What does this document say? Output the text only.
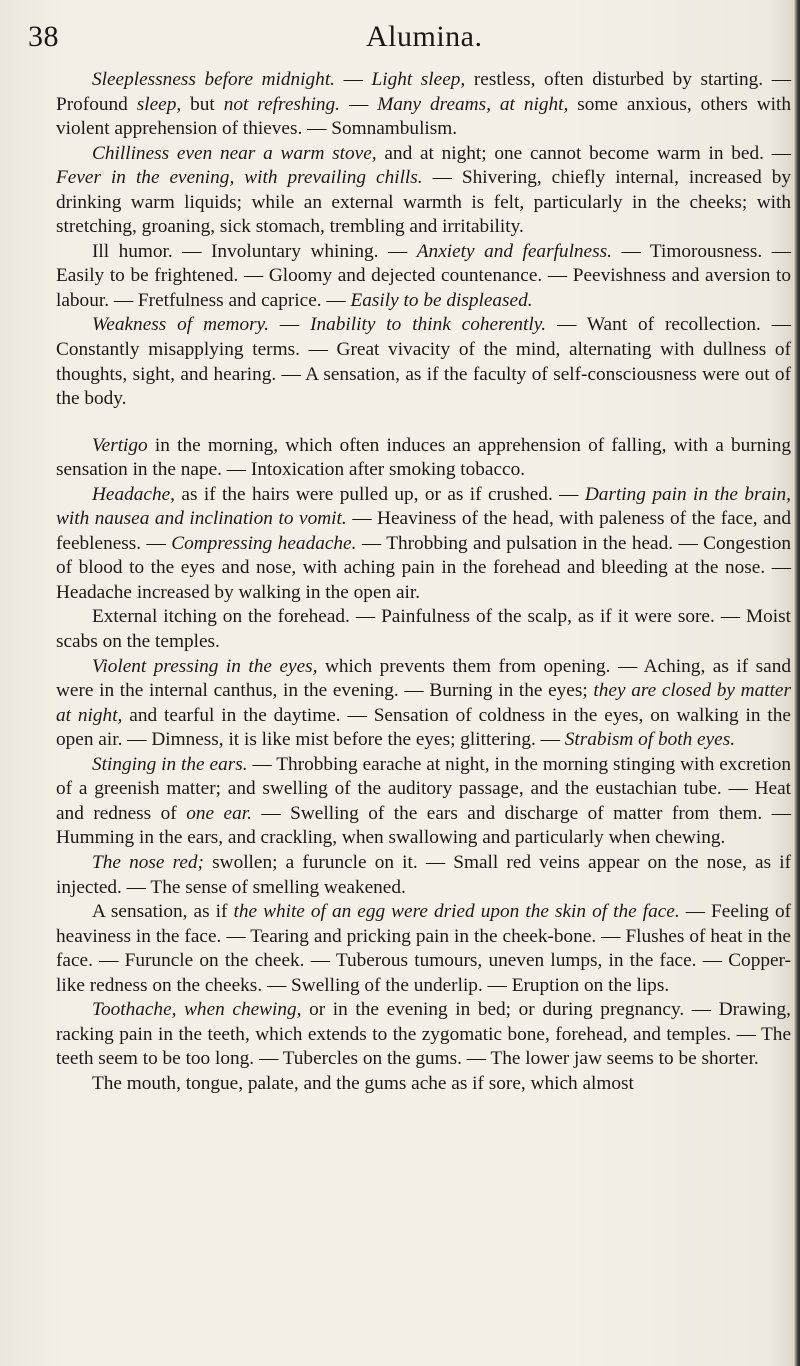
38	Alumina.

Sleeplessness before midnight. — Light sleep, restless, often disturbed by starting. — Profound sleep, but not refreshing. — Many dreams, at night, some anxious, others with violent apprehension of thieves. — Somnambulism.

Chilliness even near a warm stove, and at night; one cannot become warm in bed. — Fever in the evening, with prevailing chills. — Shivering, chiefly internal, increased by drinking warm liquids; while an external warmth is felt, particularly in the cheeks; with stretching, groaning, sick stomach, trembling and irritability.

Ill humor. — Involuntary whining. — Anxiety and fearfulness. — Timorousness. — Easily to be frightened. — Gloomy and dejected countenance. — Peevishness and aversion to labour. — Fretfulness and caprice. — Easily to be displeased.

Weakness of memory. — Inability to think coherently. — Want of recollection. — Constantly misapplying terms. — Great vivacity of the mind, alternating with dullness of thoughts, sight, and hearing. — A sensation, as if the faculty of self-consciousness were out of the body.

Vertigo in the morning, which often induces an apprehension of falling, with a burning sensation in the nape. — Intoxication after smoking tobacco.

Headache, as if the hairs were pulled up, or as if crushed. — Darting pain in the brain, with nausea and inclination to vomit. — Heaviness of the head, with paleness of the face, and feebleness. — Compressing headache. — Throbbing and pulsation in the head. — Congestion of blood to the eyes and nose, with aching pain in the forehead and bleeding at the nose. — Headache increased by walking in the open air.

External itching on the forehead. — Painfulness of the scalp, as if it were sore. — Moist scabs on the temples.

Violent pressing in the eyes, which prevents them from opening. — Aching, as if sand were in the internal canthus, in the evening. — Burning in the eyes; they are closed by matter at night, and tearful in the daytime. — Sensation of coldness in the eyes, on walking in the open air. — Dimness, it is like mist before the eyes; glittering. — Strabism of both eyes.

Stinging in the ears. — Throbbing earache at night, in the morning stinging with excretion of a greenish matter; and swelling of the auditory passage, and the eustachian tube. — Heat and redness of one ear. — Swelling of the ears and discharge of matter from them. — Humming in the ears, and crackling, when swallowing and particularly when chewing.

The nose red; swollen; a furuncle on it. — Small red veins appear on the nose, as if injected. — The sense of smelling weakened.

A sensation, as if the white of an egg were dried upon the skin of the face. — Feeling of heaviness in the face. — Tearing and pricking pain in the cheek-bone. — Flushes of heat in the face. — Furuncle on the cheek. — Tuberous tumours, uneven lumps, in the face. — Copper-like redness on the cheeks. — Swelling of the underlip. — Eruption on the lips.

Toothache, when chewing, or in the evening in bed; or during pregnancy. — Drawing, racking pain in the teeth, which extends to the zygomatic bone, forehead, and temples. — The teeth seem to be too long. — Tubercles on the gums. — The lower jaw seems to be shorter.

The mouth, tongue, palate, and the gums ache as if sore, which almost
